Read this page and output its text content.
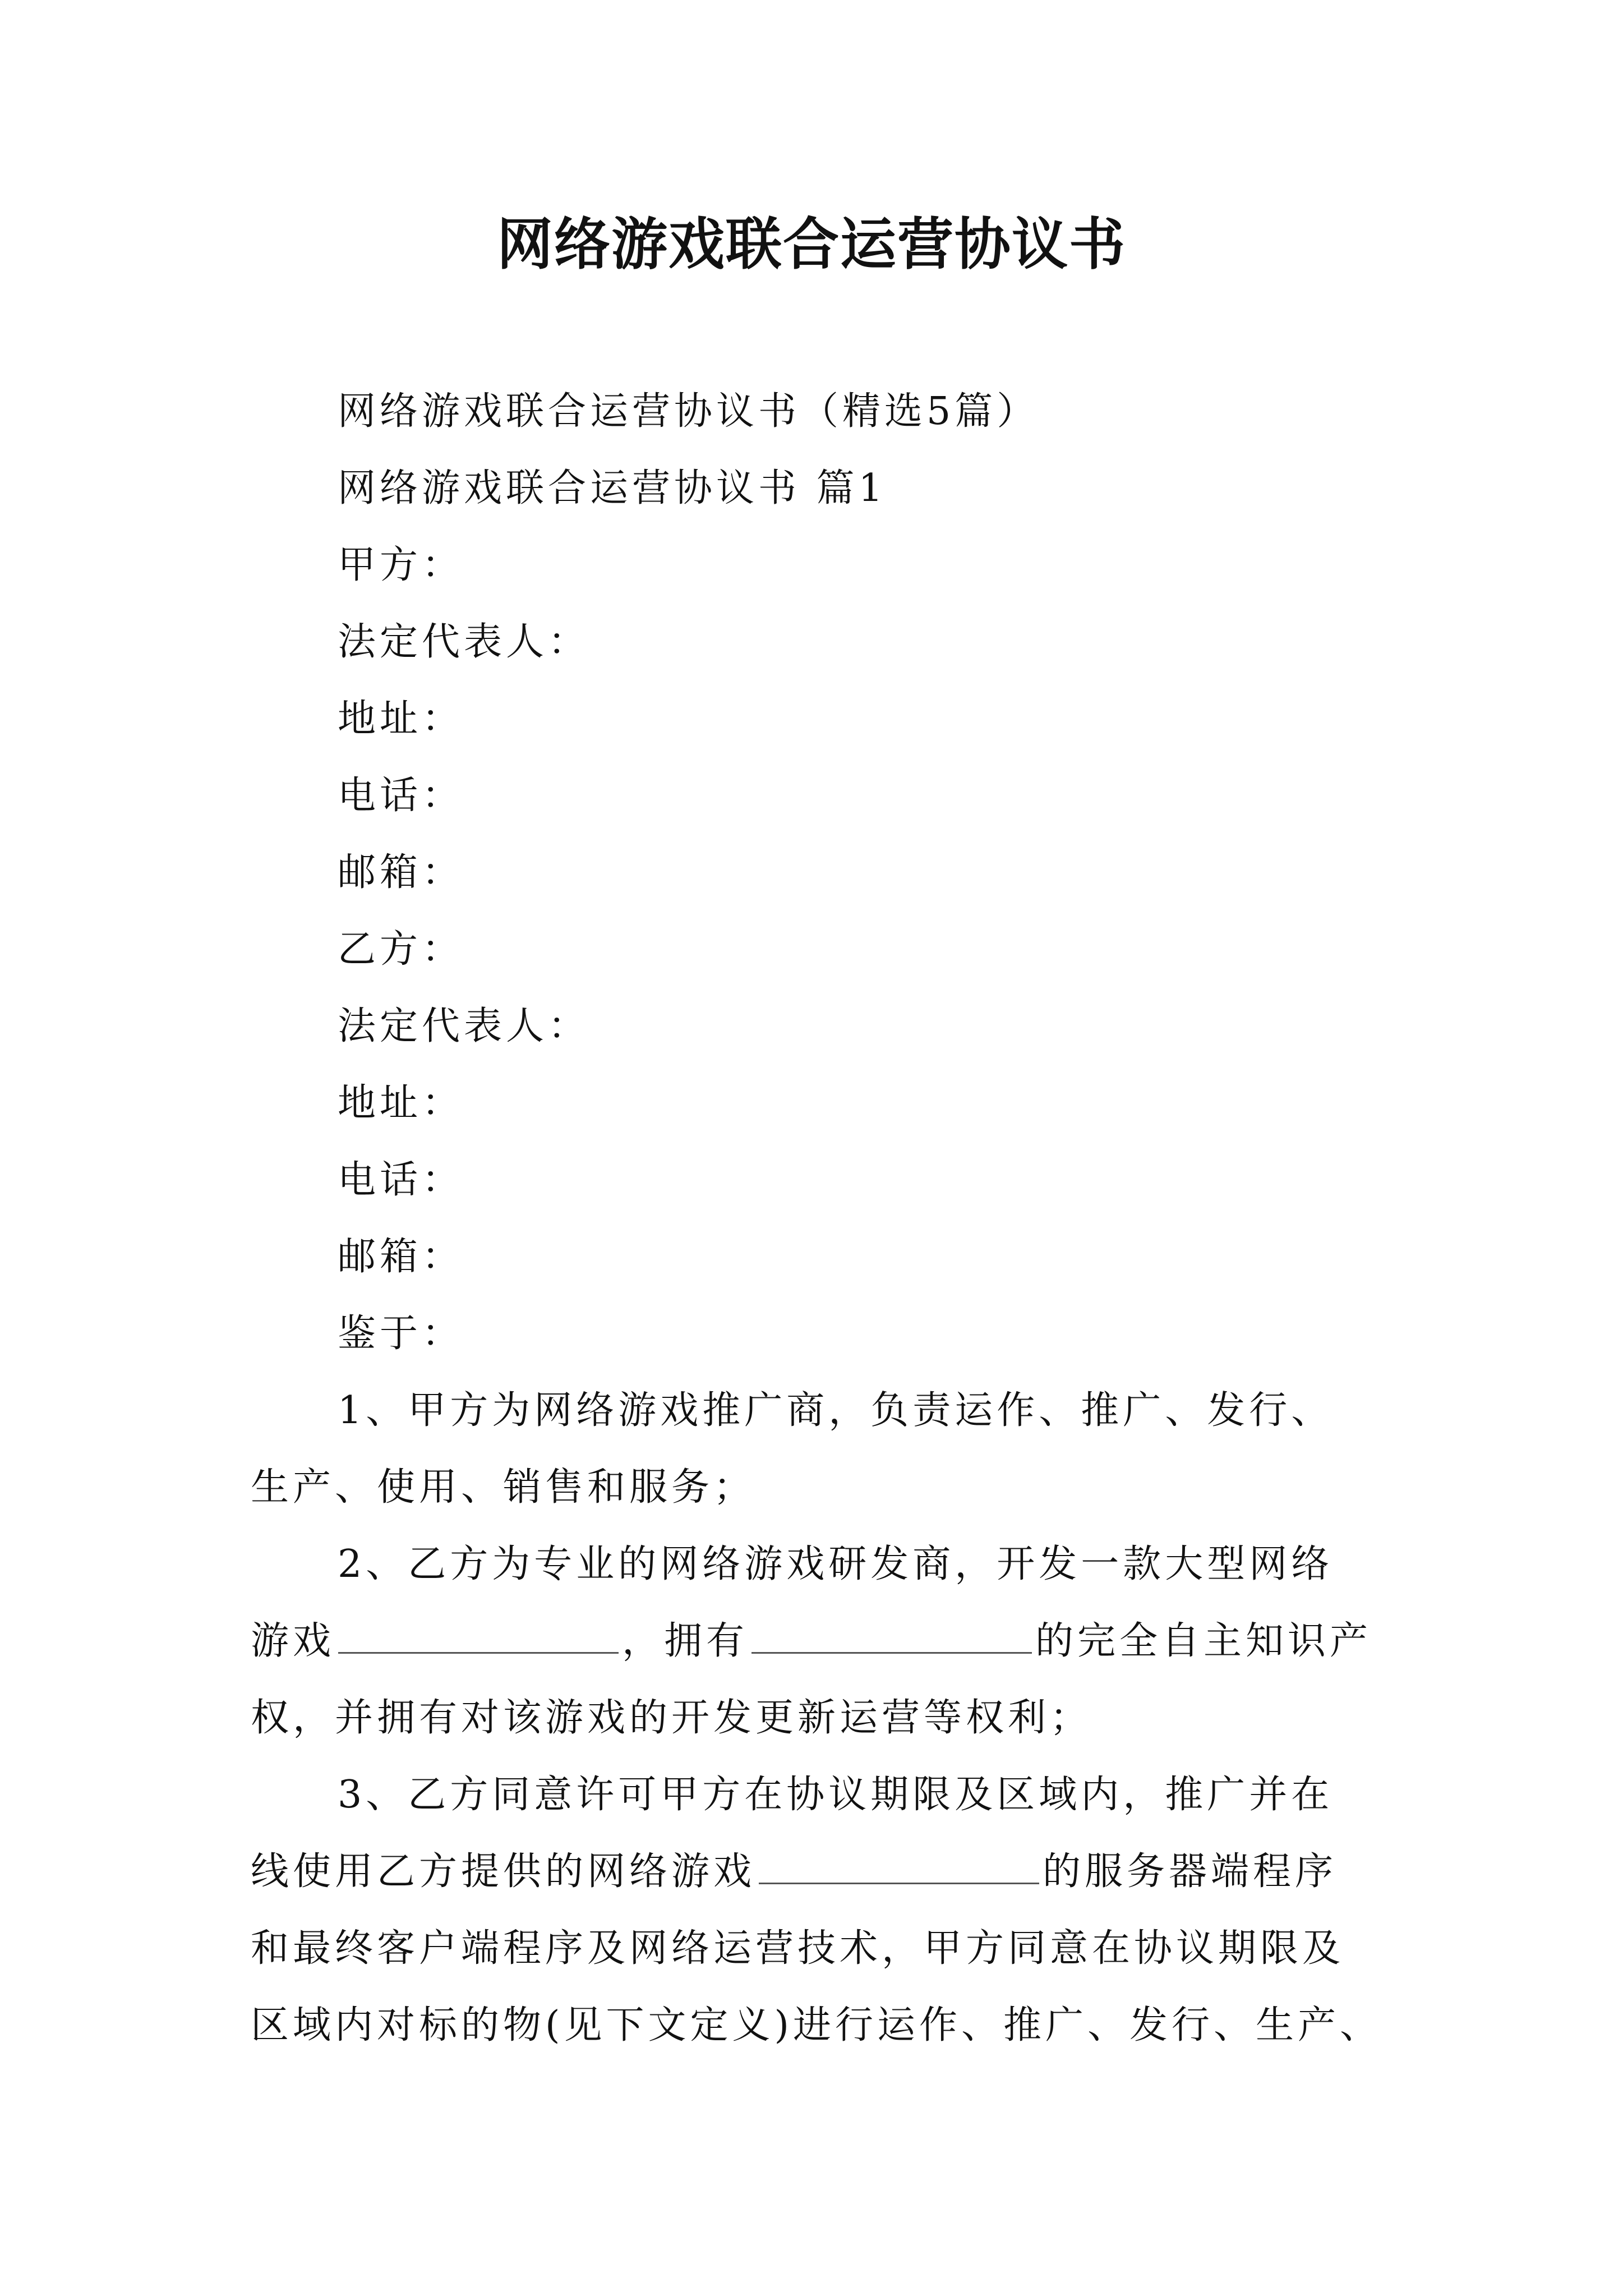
网络游戏联合运营协议书
网络游戏联合运营协议书（精选5篇）
网络游戏联合运营协议书 篇1
甲方：
法定代表人：
地址：
电话：
邮箱：
乙方：
法定代表人：
地址：
电话：
邮箱：
鉴于：
1、甲方为网络游戏推广商，负责运作、推广、发行、
生产、使用、销售和服务；
2、乙方为专业的网络游戏研发商，开发一款大型网络
游戏	，拥有	的完全自主知识产
权，并拥有对该游戏的开发更新运营等权利；
3、乙方同意许可甲方在协议期限及区域内，推广并在
线使用乙方提供的网络游戏	的服务器端程序
和最终客户端程序及网络运营技术，甲方同意在协议期限及
区域内对标的物(见下文定义)进行运作、推广、发行、生产、
